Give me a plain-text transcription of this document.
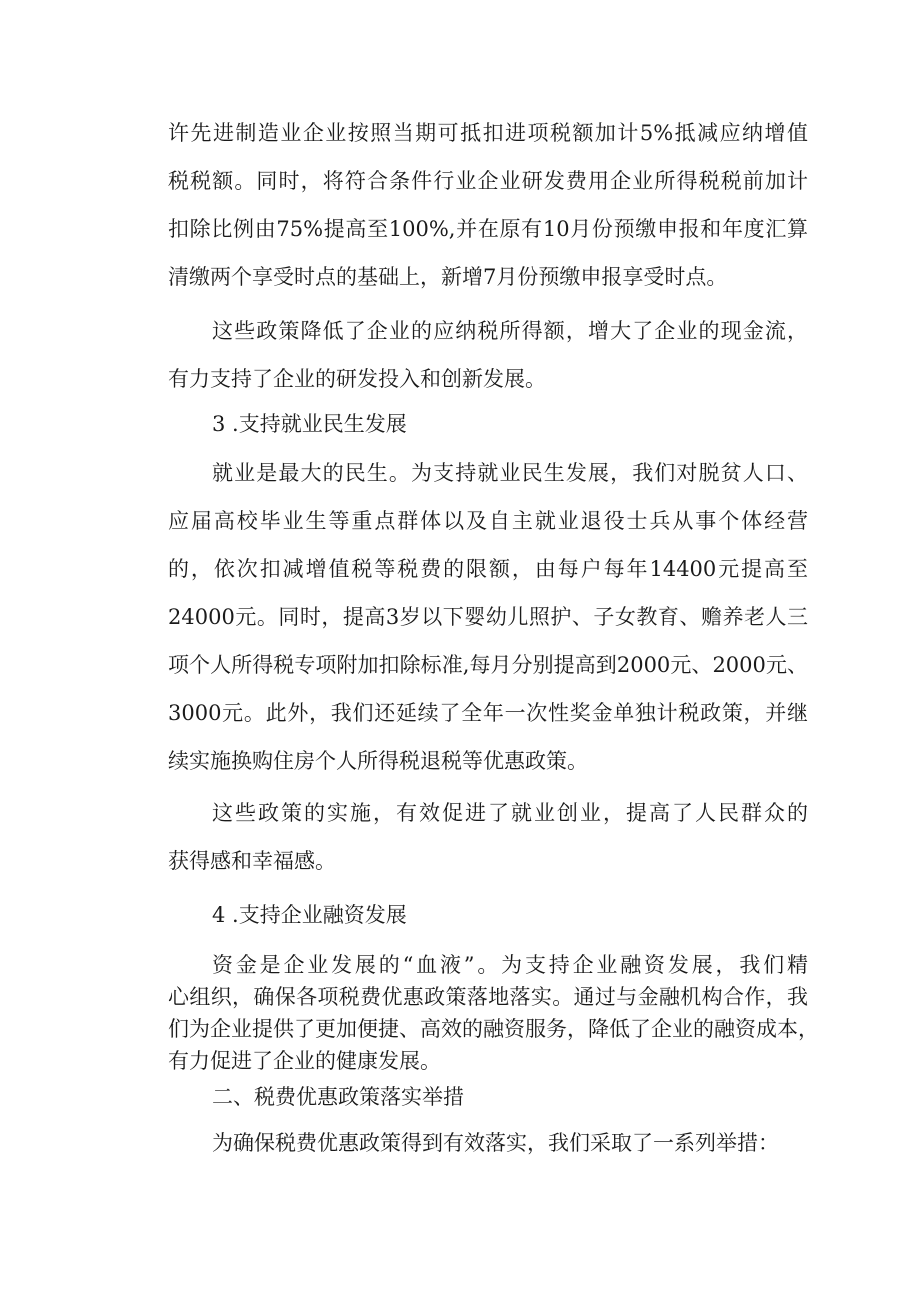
许先进制造业企业按照当期可抵扣进项税额加计5%抵减应纳增值
税税额。同时，将符合条件行业企业研发费用企业所得税税前加计
扣除比例由75%提高至100%,并在原有10月份预缴申报和年度汇算
清缴两个享受时点的基础上，新增7月份预缴申报享受时点。
这些政策降低了企业的应纳税所得额，增大了企业的现金流，
有力支持了企业的研发投入和创新发展。
3 .支持就业民生发展
就业是最大的民生。为支持就业民生发展，我们对脱贫人口、
应届高校毕业生等重点群体以及自主就业退役士兵从事个体经营
的，依次扣减增值税等税费的限额，由每户每年14400元提高至
24000元。同时，提高3岁以下婴幼儿照护、子女教育、赡养老人三
项个人所得税专项附加扣除标准,每月分别提高到2000元、2000元、
3000元。此外，我们还延续了全年一次性奖金单独计税政策，并继
续实施换购住房个人所得税退税等优惠政策。
这些政策的实施，有效促进了就业创业，提高了人民群众的
获得感和幸福感。
4 .支持企业融资发展
资金是企业发展的“血液”。为支持企业融资发展，我们精
心组织，确保各项税费优惠政策落地落实。通过与金融机构合作，我
们为企业提供了更加便捷、高效的融资服务，降低了企业的融资成本，
有力促进了企业的健康发展。
二、税费优惠政策落实举措
为确保税费优惠政策得到有效落实，我们采取了一系列举措：
